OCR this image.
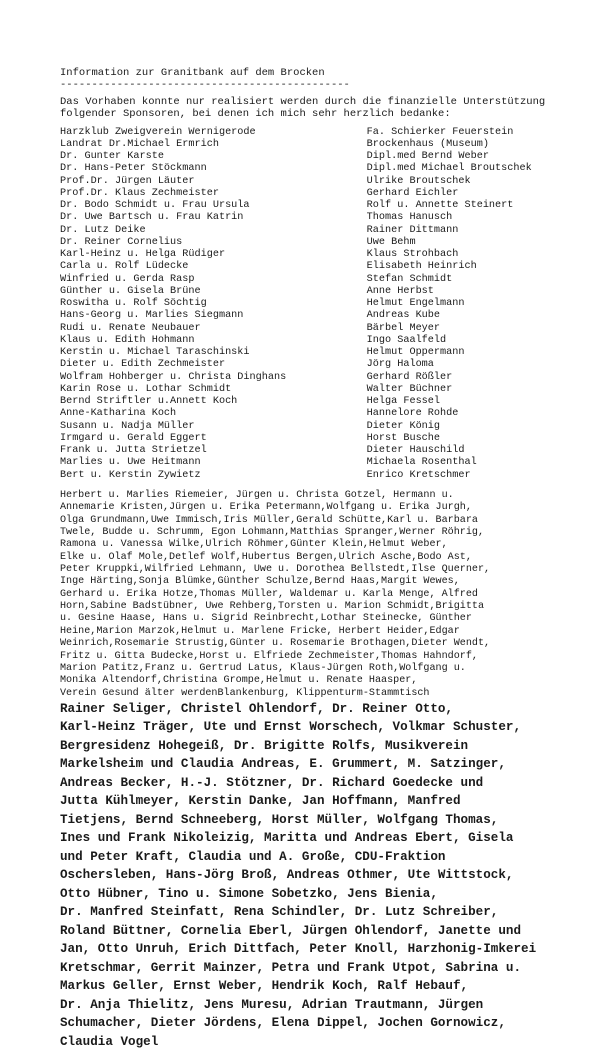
Information zur Granitbank auf dem Brocken
----------------------------------------------
Das Vorhaben konnte nur realisiert werden durch die finanzielle Unterstützung folgender Sponsoren, bei denen ich mich sehr herzlich bedanke:
Harzklub Zweigverein Wernigerode
Landrat Dr.Michael Ermrich
Dr. Gunter Karste
Dr. Hans-Peter Stöckmann
Prof.Dr. Jürgen Läuter
Prof.Dr. Klaus Zechmeister
Dr. Bodo Schmidt u. Frau Ursula
Dr. Uwe Bartsch u. Frau Katrin
Dr. Lutz Deike
Dr. Reiner Cornelius
Karl-Heinz u. Helga Rüdiger
Carla u. Rolf Lüdecke
Winfried u. Gerda Rasp
Günther u. Gisela Brüne
Roswitha u. Rolf Söchtig
Hans-Georg u. Marlies Siegmann
Rudi u. Renate Neubauer
Klaus u. Edith Hohmann
Kerstin u. Michael Taraschinski
Dieter u. Edith Zechmeister
Wolfram Hohberger u. Christa Dinghans
Karin Rose u. Lothar Schmidt
Bernd Striftler u.Annett Koch
Anne-Katharina Koch
Susann u. Nadja Müller
Irmgard u. Gerald Eggert
Frank u. Jutta Strietzel
Marlies u. Uwe Heitmann
Bert u. Kerstin Zywietz
Fa. Schierker Feuerstein
Brockenhaus (Museum)
Dipl.med Bernd Weber
Dipl.med Michael Broutschek
Ulrike Broutschek
Gerhard Eichler
Rolf u. Annette Steinert
Thomas Hanusch
Rainer Dittmann
Uwe Behm
Klaus Strohbach
Elisabeth Heinrich
Stefan Schmidt
Anne Herbst
Helmut Engelmann
Andreas Kube
Bärbel Meyer
Ingo Saalfeld
Helmut Oppermann
Jörg Haloma
Gerhard Rößler
Walter Büchner
Helga Fessel
Hannelore Rohde
Dieter König
Horst Busche
Dieter Hauschild
Michaela Rosenthal
Enrico Kretschmer
Herbert u. Marlies Riemeier, Jürgen u. Christa Gotzel, Hermann u.
Annemarie Kristen,Jürgen u. Erika Petermann,Wolfgang u. Erika Jurgh,
Olga Grundmann,Uwe Immisch,Iris Müller,Gerald Schütte,Karl u. Barbara
Twele, Budde u. Schrumm, Egon Lohmann,Matthias Spranger,Werner Röhrig,
Ramona u. Vanessa Wilke,Ulrich Röhmer,Günter Klein,Helmut Weber,
Elke u. Olaf Mole,Detlef Wolf,Hubertus Bergen,Ulrich Asche,Bodo Ast,
Peter Kruppki,Wilfried Lehmann, Uwe u. Dorothea Bellstedt,Ilse Querner,
Inge Härting,Sonja Blümke,Günther Schulze,Bernd Haas,Margit Wewes,
Gerhard u. Erika Hotze,Thomas Müller, Waldemar u. Karla Menge, Alfred
Horn,Sabine Badstübner, Uwe Rehberg,Torsten u. Marion Schmidt,Brigitta
u. Gesine Haase, Hans u. Sigrid Reinbrecht,Lothar Steinecke, Günther
Heine,Marion Marzok,Helmut u. Marlene Fricke, Herbert Heider,Edgar
Weinrich,Rosemarie Strustig,Günter u. Rosemarie Brothagen,Dieter Wendt,
Fritz u. Gitta Budecke,Horst u. Elfriede Zechmeister,Thomas Hahndorf,
Marion Patitz,Franz u. Gertrud Latus, Klaus-Jürgen Roth,Wolfgang u.
Monika Altendorf,Christina Grompe,Helmut u. Renate Haasper,
Verein Gesund älter werdenBlankenburg, Klippenturm-Stammtisch
Rainer Seliger, Christel Ohlendorf, Dr. Reiner Otto,
Karl-Heinz Träger, Ute und Ernst Worschech, Volkmar Schuster,
Bergresidenz Hohegeiß, Dr. Brigitte Rolfs, Musikverein
Markelsheim und Claudia Andreas, E. Grummert, M. Satzinger,
Andreas Becker, H.-J. Stötzner, Dr. Richard Goedecke und
Jutta Kühlmeyer, Kerstin Danke, Jan Hoffmann, Manfred
Tietjens, Bernd Schneeberg, Horst Müller, Wolfgang Thomas,
Ines und Frank Nikoleizig, Maritta und Andreas Ebert, Gisela
und Peter Kraft, Claudia und A. Große, CDU-Fraktion
Oschersleben, Hans-Jörg Broß, Andreas Othmer, Ute Wittstock,
Otto Hübner, Tino u. Simone Sobetzko, Jens Bienia,
Dr. Manfred Steinfatt, Rena Schindler, Dr. Lutz Schreiber,
Roland Büttner, Cornelia Eberl, Jürgen Ohlendorf, Janette und
Jan, Otto Unruh, Erich Dittfach, Peter Knoll, Harzhonig-Imkerei
Kretschmar, Gerrit Mainzer, Petra und Frank Utpot, Sabrina u.
Markus Geller, Ernst Weber, Hendrik Koch, Ralf Hebauf,
Dr. Anja Thielitz, Jens Muresu, Adrian Trautmann, Jürgen
Schumacher, Dieter Jördens, Elena Dippel, Jochen Gornowicz,
Claudia Vogel
